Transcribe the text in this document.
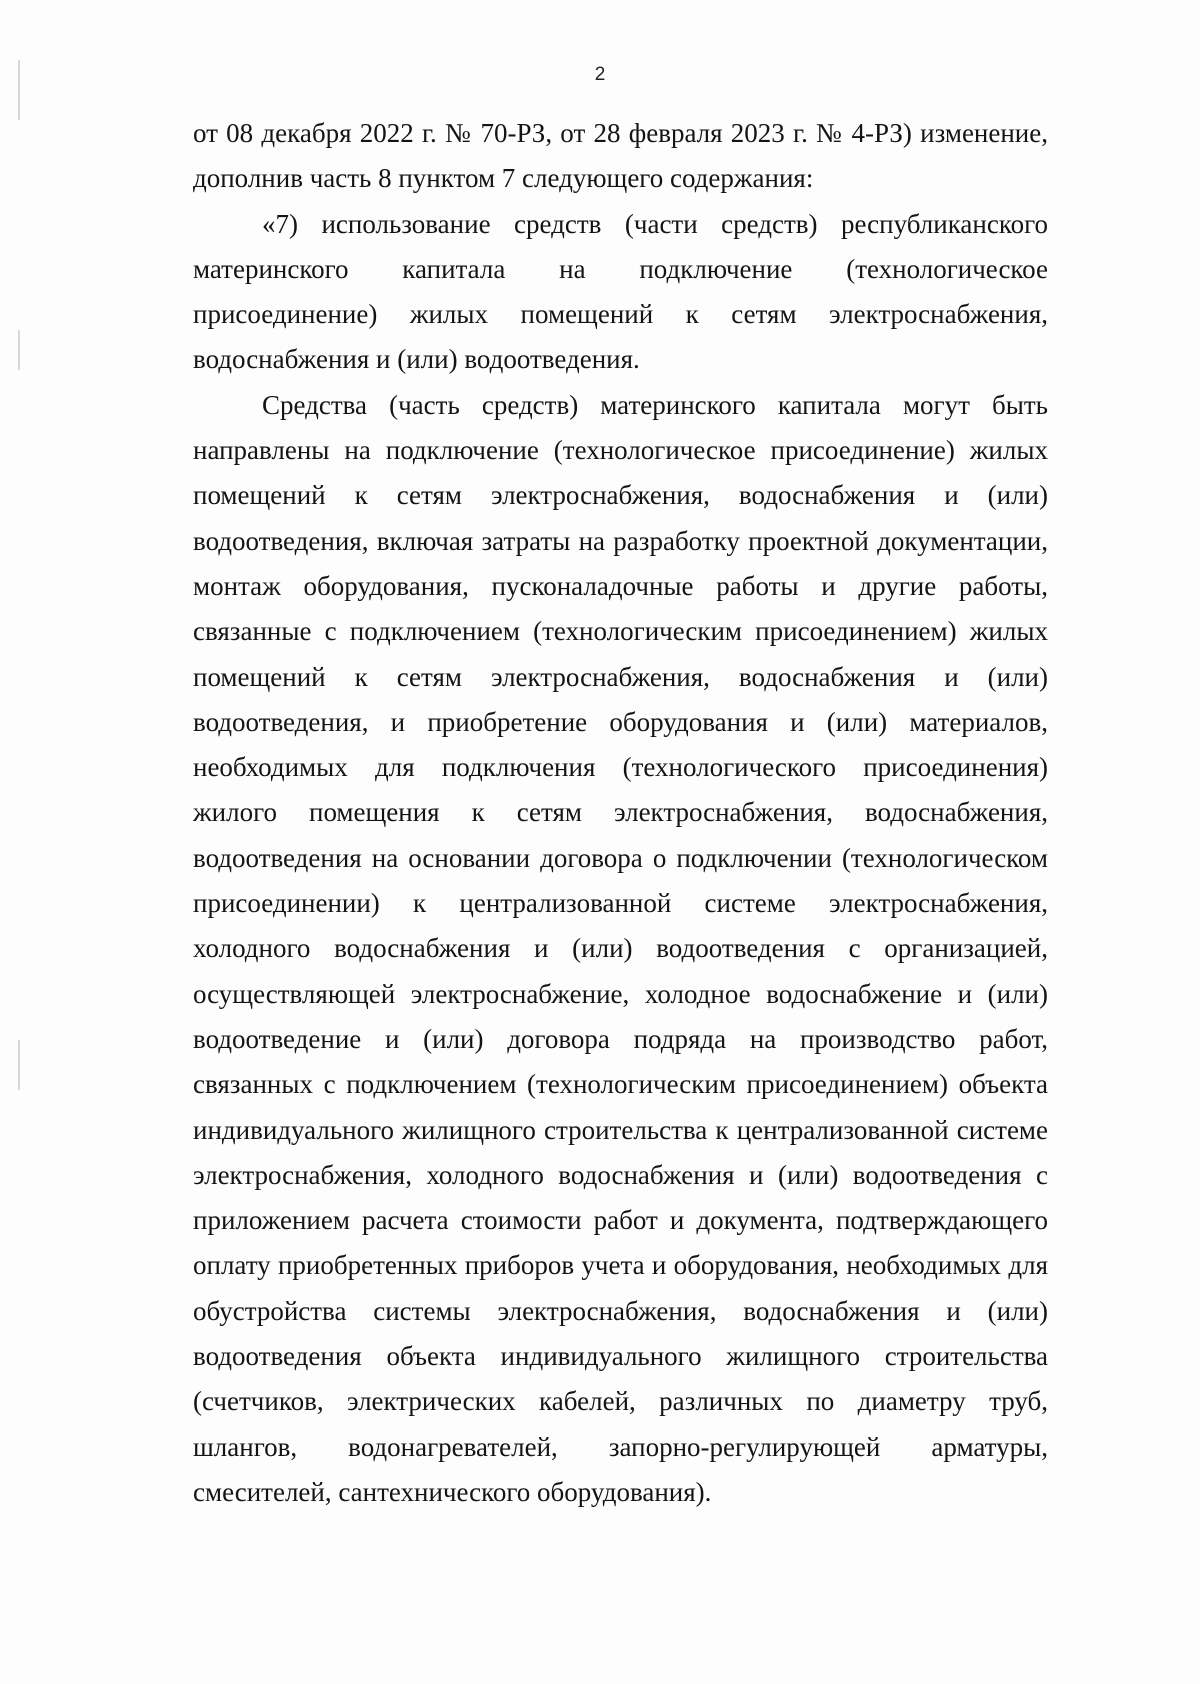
2

от 08 декабря 2022 г. № 70-РЗ, от 28 февраля 2023 г. № 4-РЗ) изменение, дополнив часть 8 пунктом 7 следующего содержания:

«7) использование средств (части средств) республиканского материнского капитала на подключение (технологическое присоединение) жилых помещений к сетям электроснабжения, водоснабжения и (или) водоотведения.

Средства (часть средств) материнского капитала могут быть направлены на подключение (технологическое присоединение) жилых помещений к сетям электроснабжения, водоснабжения и (или) водоотведения, включая затраты на разработку проектной документации, монтаж оборудования, пусконаладочные работы и другие работы, связанные с подключением (технологическим присоединением) жилых помещений к сетям электроснабжения, водоснабжения и (или) водоотведения, и приобретение оборудования и (или) материалов, необходимых для подключения (технологического присоединения) жилого помещения к сетям электроснабжения, водоснабжения, водоотведения на основании договора о подключении (технологическом присоединении) к централизованной системе электроснабжения, холодного водоснабжения и (или) водоотведения с организацией, осуществляющей электроснабжение, холодное водоснабжение и (или) водоотведение и (или) договора подряда на производство работ, связанных с подключением (технологическим присоединением) объекта индивидуального жилищного строительства к централизованной системе электроснабжения, холодного водоснабжения и (или) водоотведения с приложением расчета стоимости работ и документа, подтверждающего оплату приобретенных приборов учета и оборудования, необходимых для обустройства системы электроснабжения, водоснабжения и (или) водоотведения объекта индивидуального жилищного строительства (счетчиков, электрических кабелей, различных по диаметру труб, шлангов, водонагревателей, запорно-регулирующей арматуры, смесителей, сантехнического оборудования).
